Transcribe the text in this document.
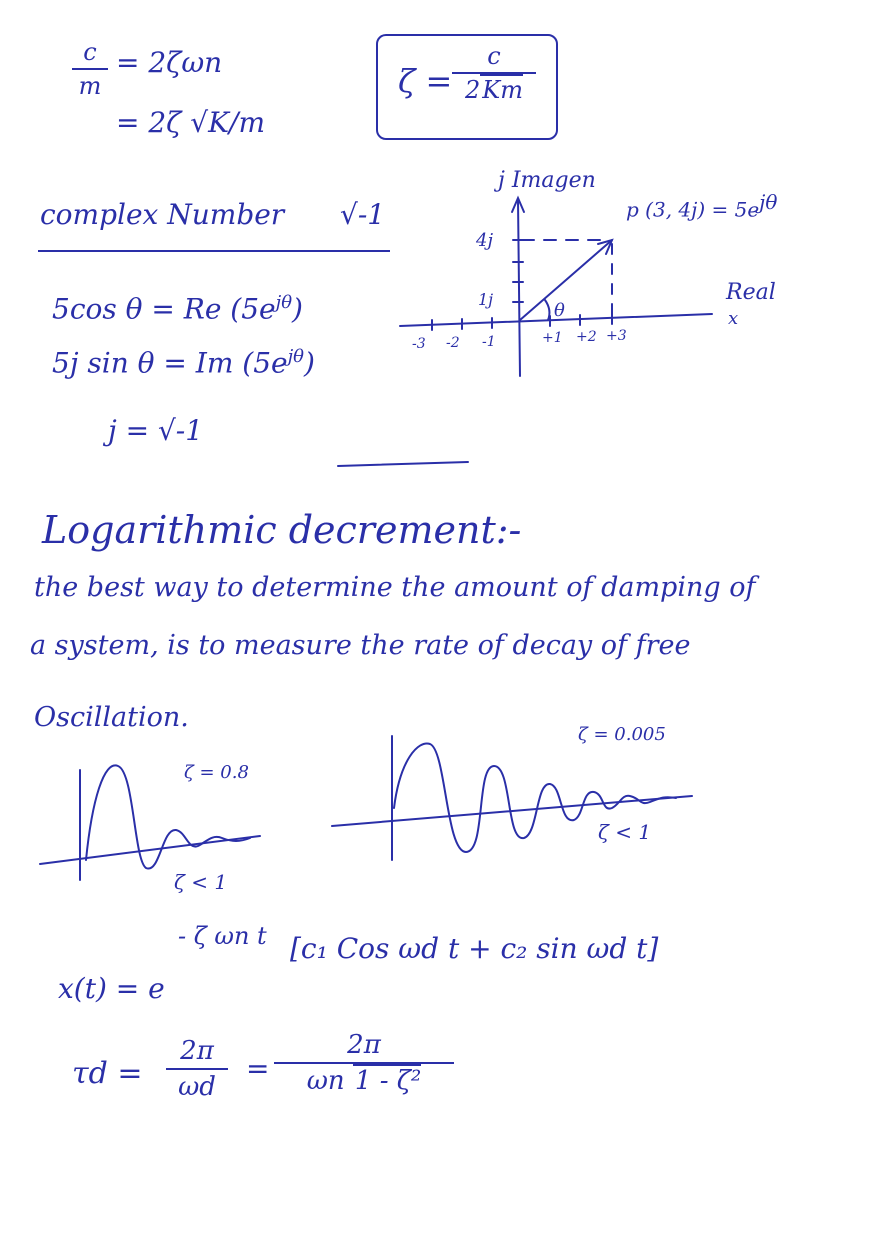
c
m
= 2ζωn
= 2ζ √K/m
ζ =
c
2Km
complex Number √-1
5cos θ = Re $(5e^{j\theta})$
5j sin θ = Im $(5e^{j\theta})$
j = √-1
j Imagen
p (3, $4j) = 5e^{j\theta}$
Real
x
θ
4j
1j
-3 -2 -1	+1 +2 +3
Logarithmic decrement:-
the best way to determine the amount of damping of
a system, is to measure the rate of decay of free
Oscillation.
ζ = 0.8
ζ < 1
ζ = 0.005
ζ < 1
x(t) = e
- ζ ωn t [c₁ Cos ωd t + c₂ sin ωd t]
τd =
2π
ωd
=
2π
ωn 1 - ζ²
